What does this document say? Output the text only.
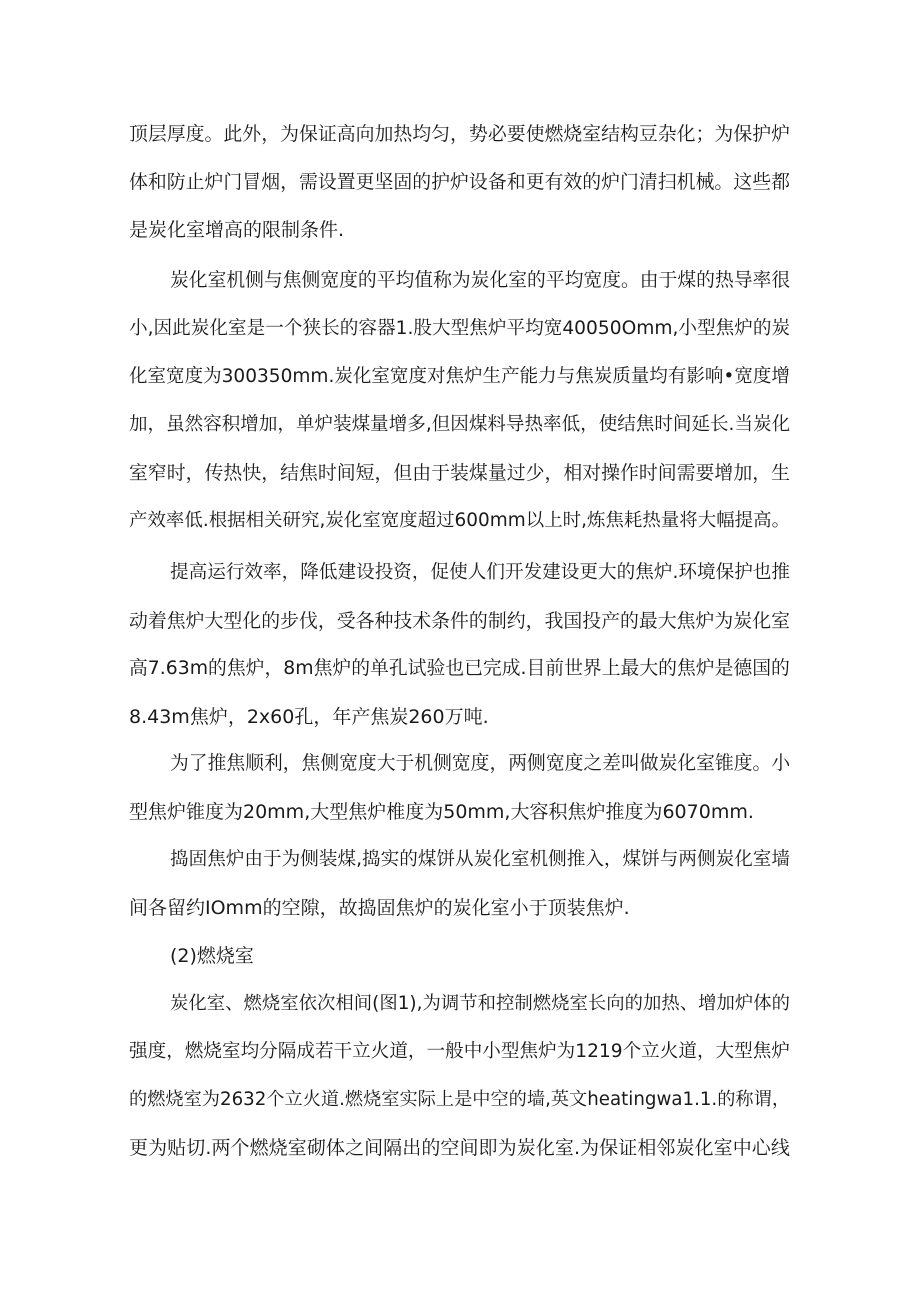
顶层厚度。此外，为保证高向加热均匀，势必要使燃烧室结构豆杂化；为保护炉
体和防止炉门冒烟，需设置更坚固的护炉设备和更有效的炉门清扫机械。这些都
是炭化室增高的限制条件.
炭化室机侧与焦侧宽度的平均值称为炭化室的平均宽度。由于煤的热导率很
小,因此炭化室是一个狭长的容器1.股大型焦炉平均宽40050Omm,小型焦炉的炭
化室宽度为300350mm.炭化室宽度对焦炉生产能力与焦炭质量均有影响•宽度增
加，虽然容积增加，单炉装煤量增多,但因煤料导热率低，使结焦时间延长.当炭化
室窄时，传热快，结焦时间短，但由于装煤量过少，相对操作时间需要增加，生
产效率低.根据相关研究,炭化室宽度超过600mm以上时,炼焦耗热量将大幅提高。
提高运行效率，降低建设投资，促使人们开发建设更大的焦炉.环境保护也推
动着焦炉大型化的步伐，受各种技术条件的制约，我国投产的最大焦炉为炭化室
高7.63m的焦炉，8m焦炉的单孔试验也已完成.目前世界上最大的焦炉是德国的
8.43m焦炉，2x60孔，年产焦炭260万吨.
为了推焦顺利，焦侧宽度大于机侧宽度，两侧宽度之差叫做炭化室锥度。小
型焦炉锥度为20mm,大型焦炉椎度为50mm,大容积焦炉推度为6070mm.
捣固焦炉由于为侧装煤,捣实的煤饼从炭化室机侧推入，煤饼与两侧炭化室墙
间各留约IOmm的空隙，故捣固焦炉的炭化室小于顶装焦炉.
(2)燃烧室
炭化室、燃烧室依次相间(图1),为调节和控制燃烧室长向的加热、增加炉体的
强度，燃烧室均分隔成若干立火道，一般中小型焦炉为1219个立火道，大型焦炉
的燃烧室为2632个立火道.燃烧室实际上是中空的墙,英文heatingwa1.1.的称谓，
更为贴切.两个燃烧室砌体之间隔出的空间即为炭化室.为保证相邻炭化室中心线
